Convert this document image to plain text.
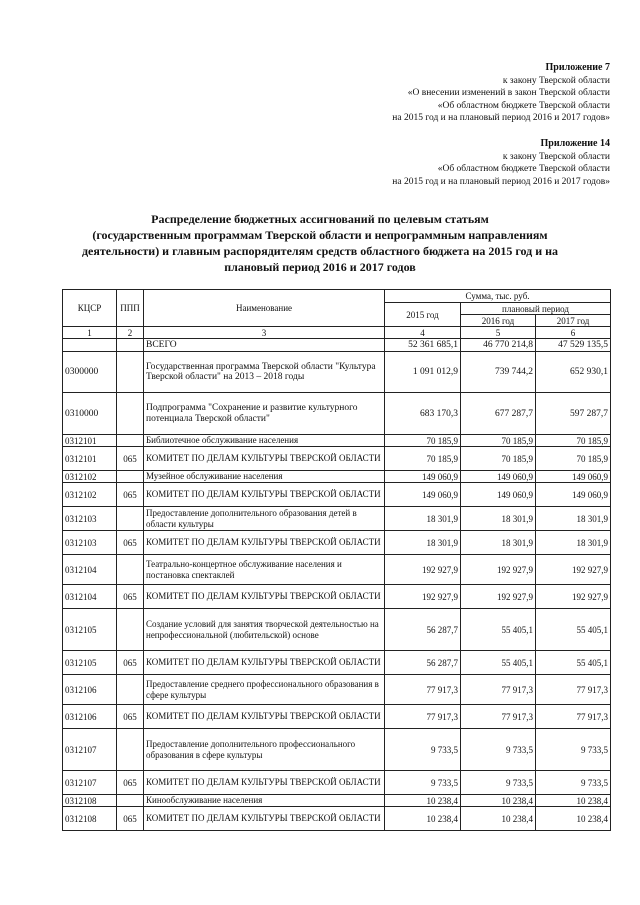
Приложение 7
к закону Тверской области
«О внесении изменений в закон Тверской области
«Об областном бюджете Тверской области
на 2015 год и на плановый период 2016 и 2017 годов»
Приложение 14
к закону Тверской области
«Об областном бюджете Тверской области
на 2015 год и на плановый период 2016 и 2017 годов»
Распределение бюджетных ассигнований по целевым статьям
(государственным программам Тверской области и непрограммным направлениям
деятельности) и главным распорядителям средств областного бюджета на 2015 год и на
плановый период 2016 и 2017 годов
КЦСР	ППП	Наименование	Сумма, тыс. руб.		
			2015 год	плановый период	
				2016 год	2017 год
1	2	3	4	5	6
		ВСЕГО	52 361 685,1	46 770 214,8	47 529 135,5
0300000		Государственная программа Тверской области "Культура Тверской области" на 2013 – 2018 годы	1 091 012,9	739 744,2	652 930,1
0310000		Подпрограмма "Сохранение и развитие культурного потенциала Тверской области"	683 170,3	677 287,7	597 287,7
0312101		Библиотечное обслуживание населения	70 185,9	70 185,9	70 185,9
0312101	065	КОМИТЕТ ПО ДЕЛАМ КУЛЬТУРЫ ТВЕРСКОЙ ОБЛАСТИ	70 185,9	70 185,9	70 185,9
0312102		Музейное обслуживание населения	149 060,9	149 060,9	149 060,9
0312102	065	КОМИТЕТ ПО ДЕЛАМ КУЛЬТУРЫ ТВЕРСКОЙ ОБЛАСТИ	149 060,9	149 060,9	149 060,9
0312103		Предоставление дополнительного образования детей в области культуры	18 301,9	18 301,9	18 301,9
0312103	065	КОМИТЕТ ПО ДЕЛАМ КУЛЬТУРЫ ТВЕРСКОЙ ОБЛАСТИ	18 301,9	18 301,9	18 301,9
0312104		Театрально-концертное обслуживание населения и постановка спектаклей	192 927,9	192 927,9	192 927,9
0312104	065	КОМИТЕТ ПО ДЕЛАМ КУЛЬТУРЫ ТВЕРСКОЙ ОБЛАСТИ	192 927,9	192 927,9	192 927,9
0312105		Создание условий для занятия творческой деятельностью на непрофессиональной (любительской) основе	56 287,7	55 405,1	55 405,1
0312105	065	КОМИТЕТ ПО ДЕЛАМ КУЛЬТУРЫ ТВЕРСКОЙ ОБЛАСТИ	56 287,7	55 405,1	55 405,1
0312106		Предоставление среднего профессионального образования в сфере культуры	77 917,3	77 917,3	77 917,3
0312106	065	КОМИТЕТ ПО ДЕЛАМ КУЛЬТУРЫ ТВЕРСКОЙ ОБЛАСТИ	77 917,3	77 917,3	77 917,3
0312107		Предоставление дополнительного профессионального образования в сфере культуры	9 733,5	9 733,5	9 733,5
0312107	065	КОМИТЕТ ПО ДЕЛАМ КУЛЬТУРЫ ТВЕРСКОЙ ОБЛАСТИ	9 733,5	9 733,5	9 733,5
0312108		Кинообслуживание населения	10 238,4	10 238,4	10 238,4
0312108	065	КОМИТЕТ ПО ДЕЛАМ КУЛЬТУРЫ ТВЕРСКОЙ ОБЛАСТИ	10 238,4	10 238,4	10 238,4
